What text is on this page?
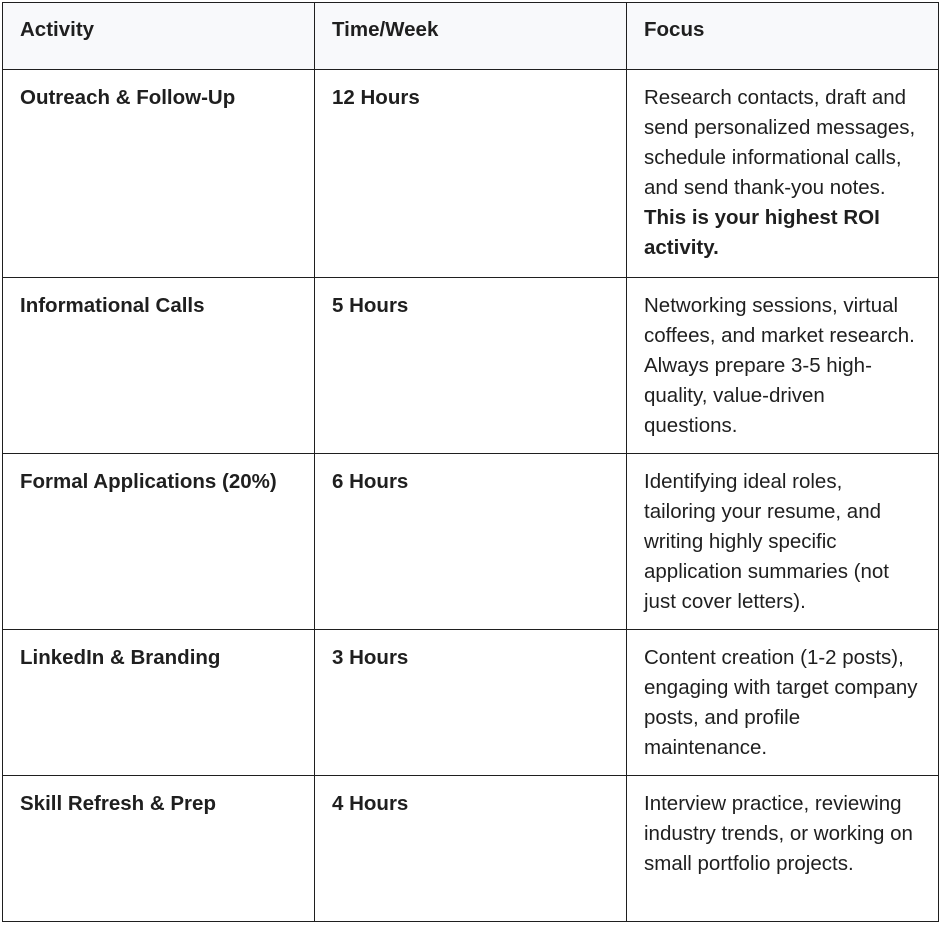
Activity	Time/Week	Focus
Outreach & Follow-Up	12 Hours	Research contacts, draft and send personalized messages, schedule informational calls, and send thank-you notes. This is your highest ROI activity.
Informational Calls	5 Hours	Networking sessions, virtual coffees, and market research. Always prepare 3-5 high-quality, value-driven questions.
Formal Applications (20%)	6 Hours	Identifying ideal roles, tailoring your resume, and writing highly specific application summaries (not just cover letters).
LinkedIn & Branding	3 Hours	Content creation (1-2 posts), engaging with target company posts, and profile maintenance.
Skill Refresh & Prep	4 Hours	Interview practice, reviewing industry trends, or working on small portfolio projects.
